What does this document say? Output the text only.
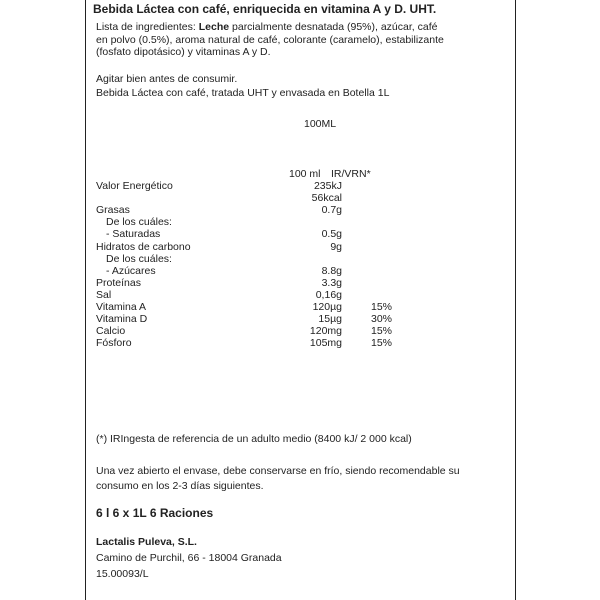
Bebida Láctea con café, enriquecida en vitamina A y D. UHT.
Lista de ingredientes: Leche parcialmente desnatada (95%), azúcar, café en polvo (0.5%), aroma natural de café, colorante (caramelo), estabilizante (fosfato dipotásico) y vitaminas A y D.
Agitar bien antes de consumir.
Bebida Láctea con café, tratada UHT y envasada en Botella 1L
100ML
100 ml IR/VRN*
Valor Energético	235kJ
56kcal
Grasas	0.7g
De los cuáles:
- Saturadas	0.5g
Hidratos de carbono	9g
De los cuáles:
- Azúcares	8.8g
Proteínas	3.3g
Sal	0,16g
Vitamina A	120µg	15%
Vitamina D	15µg	30%
Calcio	120mg	15%
Fósforo	105mg	15%
(*) IRIngesta de referencia de un adulto medio (8400 kJ/ 2 000 kcal)
Una vez abierto el envase, debe conservarse en frío, siendo recomendable su consumo en los 2-3 días siguientes.
6 l 6 x 1L 6 Raciones
Lactalis Puleva, S.L.
Camino de Purchil, 66 - 18004 Granada
15.00093/L
